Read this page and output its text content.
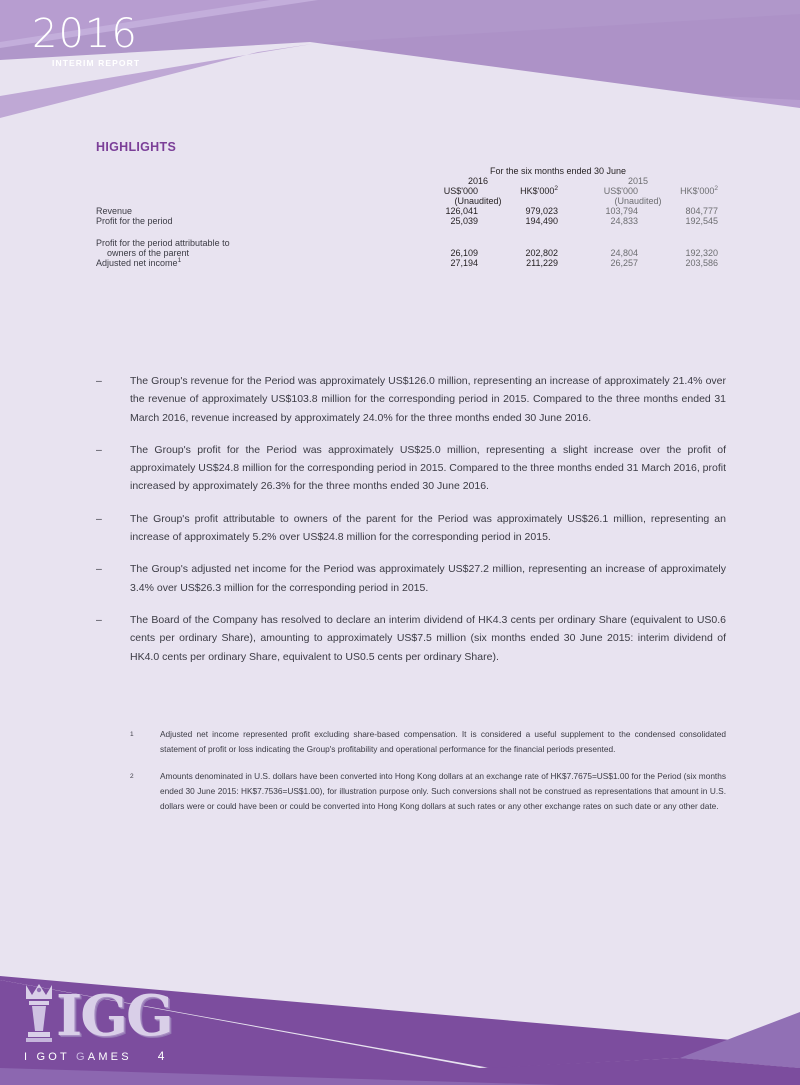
2016
INTERIM REPORT
HIGHLIGHTS
	For the six months ended 30 June			
	2016		2015	
	US$'000	$HK\$'000^2$	US$'000	$HK\$'000^2$
	(Unaudited)		(Unaudited)	
Revenue	126,041	979,023	103,794	804,777
Profit for the period	25,039	194,490	24,833	192,545

Profit for the period attributable to				
owners of the parent	26,109	202,802	24,804	192,320
Adjusted net income$^1$	27,194	211,229	26,257	203,586
–	The Group's revenue for the Period was approximately US$126.0 million, representing an increase of approximately 21.4% over the revenue of approximately US$103.8 million for the corresponding period in 2015. Compared to the three months ended 31 March 2016, revenue increased by approximately 24.0% for the three months ended 30 June 2016.
–	The Group's profit for the Period was approximately US$25.0 million, representing a slight increase over the profit of approximately US$24.8 million for the corresponding period in 2015. Compared to the three months ended 31 March 2016, profit increased by approximately 26.3% for the three months ended 30 June 2016.
–	The Group's profit attributable to owners of the parent for the Period was approximately US$26.1 million, representing an increase of approximately 5.2% over US$24.8 million for the corresponding period in 2015.
–	The Group's adjusted net income for the Period was approximately US$27.2 million, representing an increase of approximately 3.4% over US$26.3 million for the corresponding period in 2015.
–	The Board of the Company has resolved to declare an interim dividend of HK4.3 cents per ordinary Share (equivalent to US0.6 cents per ordinary Share), amounting to approximately US$7.5 million (six months ended 30 June 2015: interim dividend of HK4.0 cents per ordinary Share, equivalent to US0.5 cents per ordinary Share).
1	Adjusted net income represented profit excluding share-based compensation. It is considered a useful supplement to the condensed consolidated statement of profit or loss indicating the Group's profitability and operational performance for the financial periods presented.
2	Amounts denominated in U.S. dollars have been converted into Hong Kong dollars at an exchange rate of HK$7.7675=US$1.00 for the Period (six months ended 30 June 2015: HK$7.7536=US$1.00), for illustration purpose only. Such conversions shall not be construed as representations that amount in U.S. dollars were or could have been or could be converted into Hong Kong dollars at such rates or any other exchange rates on such date or any other date.
IGG
I GOT GAMES 4
